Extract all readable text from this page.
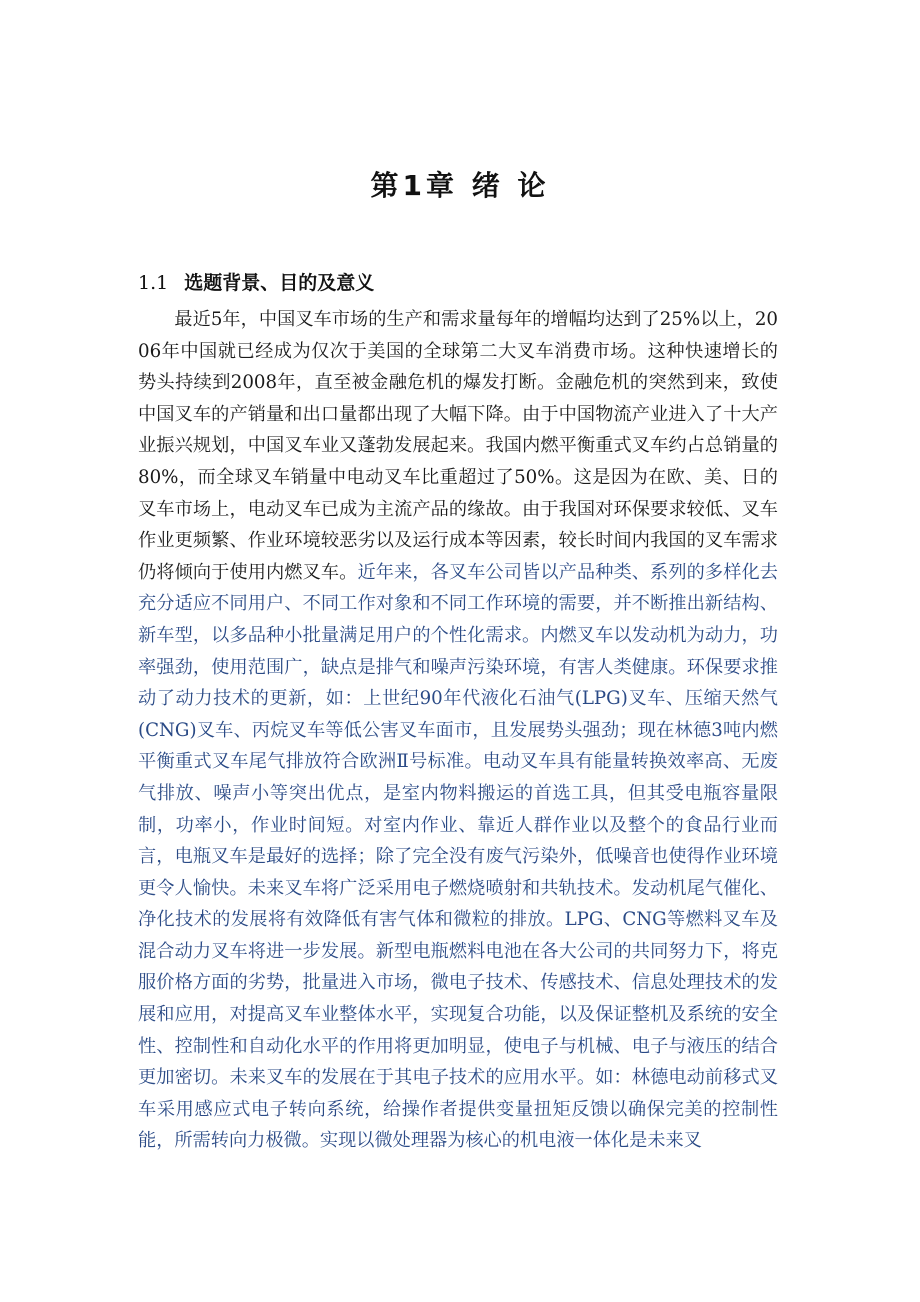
第1章 绪 论
1.1 选题背景、目的及意义

最近5年，中国叉车市场的生产和需求量每年的增幅均达到了25%以上，2006年中国就已经成为仅次于美国的全球第二大叉车消费市场。这种快速增长的势头持续到2008年，直至被金融危机的爆发打断。金融危机的突然到来，致使中国叉车的产销量和出口量都出现了大幅下降。由于中国物流产业进入了十大产业振兴规划，中国叉车业又蓬勃发展起来。我国内燃平衡重式叉车约占总销量的80%，而全球叉车销量中电动叉车比重超过了50%。这是因为在欧、美、日的叉车市场上，电动叉车已成为主流产品的缘故。由于我国对环保要求较低、叉车作业更频繁、作业环境较恶劣以及运行成本等因素，较长时间内我国的叉车需求仍将倾向于使用内燃叉车。近年来，各叉车公司皆以产品种类、系列的多样化去充分适应不同用户、不同工作对象和不同工作环境的需要，并不断推出新结构、新车型，以多品种小批量满足用户的个性化需求。内燃叉车以发动机为动力，功率强劲，使用范围广，缺点是排气和噪声污染环境，有害人类健康。环保要求推动了动力技术的更新，如：上世纪90年代液化石油气(LPG)叉车、压缩天然气(CNG)叉车、丙烷叉车等低公害叉车面市，且发展势头强劲；现在林德3吨内燃平衡重式叉车尾气排放符合欧洲Ⅱ号标准。电动叉车具有能量转换效率高、无废气排放、噪声小等突出优点，是室内物料搬运的首选工具，但其受电瓶容量限制，功率小，作业时间短。对室内作业、靠近人群作业以及整个的食品行业而言，电瓶叉车是最好的选择；除了完全没有废气污染外，低噪音也使得作业环境更令人愉快。未来叉车将广泛采用电子燃烧喷射和共轨技术。发动机尾气催化、净化技术的发展将有效降低有害气体和微粒的排放。LPG、CNG等燃料叉车及混合动力叉车将进一步发展。新型电瓶燃料电池在各大公司的共同努力下，将克服价格方面的劣势，批量进入市场，微电子技术、传感技术、信息处理技术的发展和应用，对提高叉车业整体水平，实现复合功能，以及保证整机及系统的安全性、控制性和自动化水平的作用将更加明显，使电子与机械、电子与液压的结合更加密切。未来叉车的发展在于其电子技术的应用水平。如：林德电动前移式叉车采用感应式电子转向系统，给操作者提供变量扭矩反馈以确保完美的控制性能，所需转向力极微。实现以微处理器为核心的机电液一体化是未来叉
